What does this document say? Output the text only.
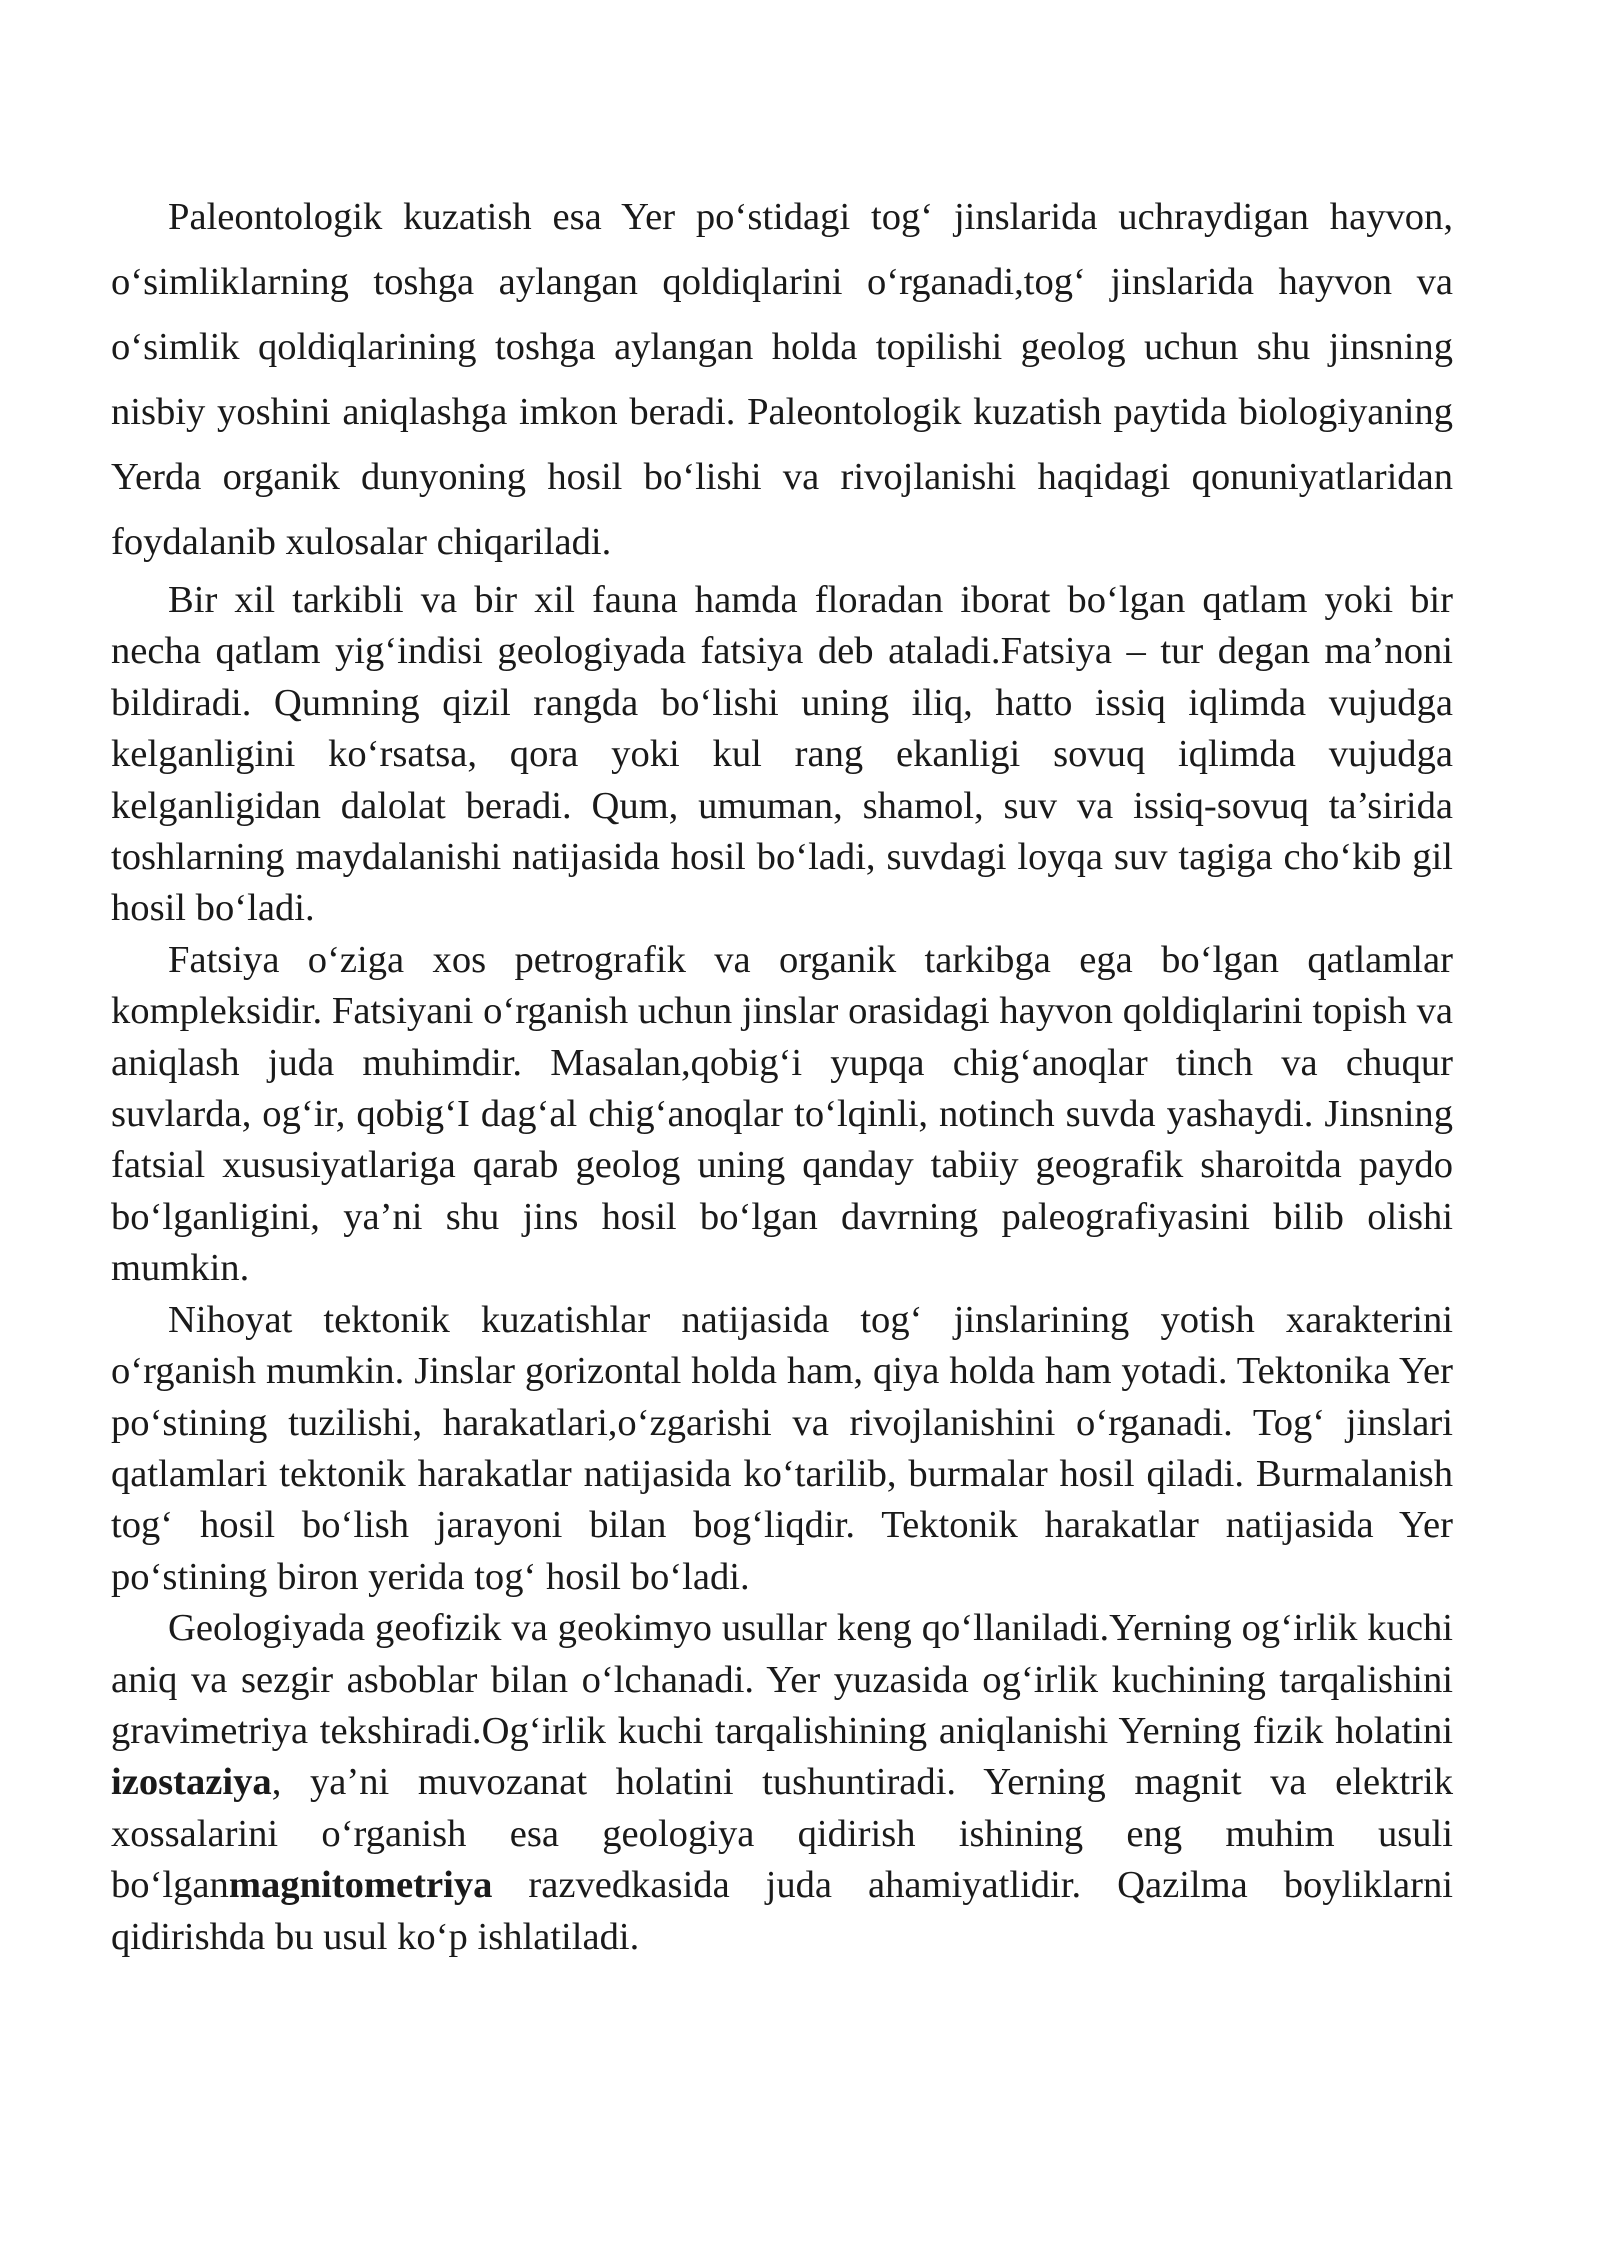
Paleontologik kuzatish esa Yer po‘stidagi tog‘ jinslarida uchraydigan hayvon, o‘simliklarning toshga aylangan qoldiqlarini o‘rganadi,tog‘ jinslarida hayvon va o‘simlik qoldiqlarining toshga aylangan holda topilishi geolog uchun shu jinsning nisbiy yoshini aniqlashga imkon beradi. Paleontologik kuzatish paytida biologiyaning Yerda organik dunyoning hosil bo‘lishi va rivojlanishi haqidagi qonuniyatlaridan foydalanib xulosalar chiqariladi.

Bir xil tarkibli va bir xil fauna hamda floradan iborat bo‘lgan qatlam yoki bir necha qatlam yig‘indisi geologiyada fatsiya deb ataladi.Fatsiya – tur degan ma’noni bildiradi. Qumning qizil rangda bo‘lishi uning iliq, hatto issiq iqlimda vujudga kelganligini ko‘rsatsa, qora yoki kul rang ekanligi sovuq iqlimda vujudga kelganligidan dalolat beradi. Qum, umuman, shamol, suv va issiq-sovuq ta’sirida toshlarning maydalanishi natijasida hosil bo‘ladi, suvdagi loyqa suv tagiga cho‘kib gil hosil bo‘ladi.

Fatsiya o‘ziga xos petrografik va organik tarkibga ega bo‘lgan qatlamlar kompleksidir. Fatsiyani o‘rganish uchun jinslar orasidagi hayvon qoldiqlarini topish va aniqlash juda muhimdir. Masalan,qobig‘i yupqa chig‘anoqlar tinch va chuqur suvlarda, og‘ir, qobig‘I dag‘al chig‘anoqlar to‘lqinli, notinch suvda yashaydi. Jinsning fatsial xususiyatlariga qarab geolog uning qanday tabiiy geografik sharoitda paydo bo‘lganligini, ya’ni shu jins hosil bo‘lgan davrning paleografiyasini bilib olishi mumkin.

Nihoyat tektonik kuzatishlar natijasida tog‘ jinslarining yotish xarakterini o‘rganish mumkin. Jinslar gorizontal holda ham, qiya holda ham yotadi. Tektonika Yer po‘stining tuzilishi, harakatlari,o‘zgarishi va rivojlanishini o‘rganadi. Tog‘ jinslari qatlamlari tektonik harakatlar natijasida ko‘tarilib, burmalar hosil qiladi. Burmalanish tog‘ hosil bo‘lish jarayoni bilan bog‘liqdir. Tektonik harakatlar natijasida Yer po‘stining biron yerida tog‘ hosil bo‘ladi.

Geologiyada geofizik va geokimyo usullar keng qo‘llaniladi.Yerning og‘irlik kuchi aniq va sezgir asboblar bilan o‘lchanadi. Yer yuzasida og‘irlik kuchining tarqalishini gravimetriya tekshiradi.Og‘irlik kuchi tarqalishining aniqlanishi Yerning fizik holatini izostaziya, ya’ni muvozanat holatini tushuntiradi. Yerning magnit va elektrik xossalarini o‘rganish esa geologiya qidirish ishining eng muhim usuli bo‘lganmagnitometriya razvedkasida juda ahamiyatlidir. Qazilma boyliklarni qidirishda bu usul ko‘p ishlatiladi.
